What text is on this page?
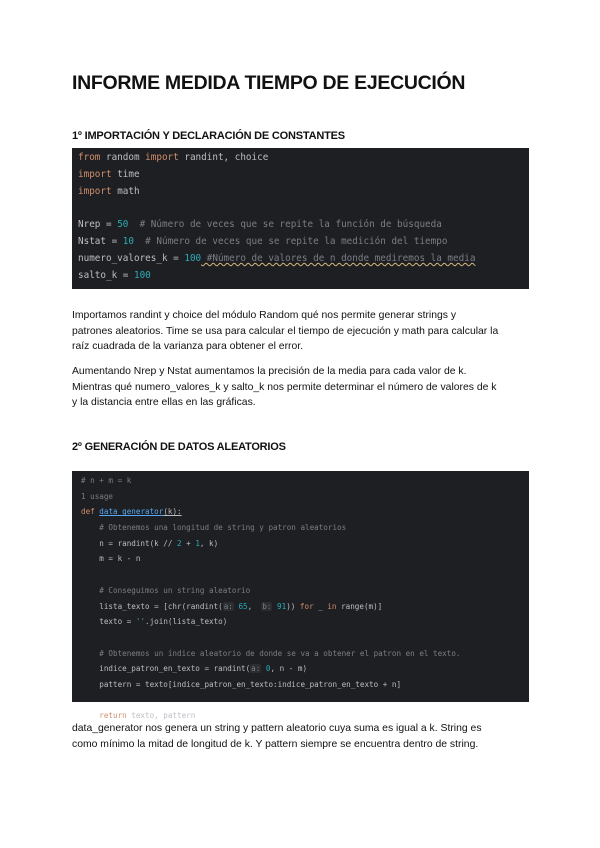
INFORME MEDIDA TIEMPO DE EJECUCIÓN
1º IMPORTACIÓN Y DECLARACIÓN DE CONSTANTES
from random import randint, choice
import time
import math

Nrep = 50  # Número de veces que se repite la función de búsqueda
Nstat = 10  # Número de veces que se repite la medición del tiempo
numero_valores_k = 100 #Número de valores de n donde mediremos la media
salto_k = 100
Importamos randint y choice del módulo Random qué nos permite generar strings y
patrones aleatorios. Time se usa para calcular el tiempo de ejecución y math para calcular la
raíz cuadrada de la varianza para obtener el error.
Aumentando Nrep y Nstat aumentamos la precisión de la media para cada valor de k.
Mientras qué numero_valores_k y salto_k nos permite determinar el número de valores de k
y la distancia entre ellas en las gráficas.
2º GENERACIÓN DE DATOS ALEATORIOS
# n + m = k
1 usage
def data_generator(k):
# Obtenemos una longitud de string y patron aleatorios
n = randint(k // 2 + 1, k)
m = k - n

# Conseguimos un string aleatorio
lista_texto = [chr(randint(a: 65,  b: 91)) for _ in range(m)]
texto = ''.join(lista_texto)

# Obtenemos un índice aleatorio de donde se va a obtener el patron en el texto.
indice_patron_en_texto = randint(a: 0, n - m)
pattern = texto[indice_patron_en_texto:indice_patron_en_texto + n]

return texto, pattern
data_generator nos genera un string y pattern aleatorio cuya suma es igual a k. String es
como mínimo la mitad de longitud de k. Y pattern siempre se encuentra dentro de string.
